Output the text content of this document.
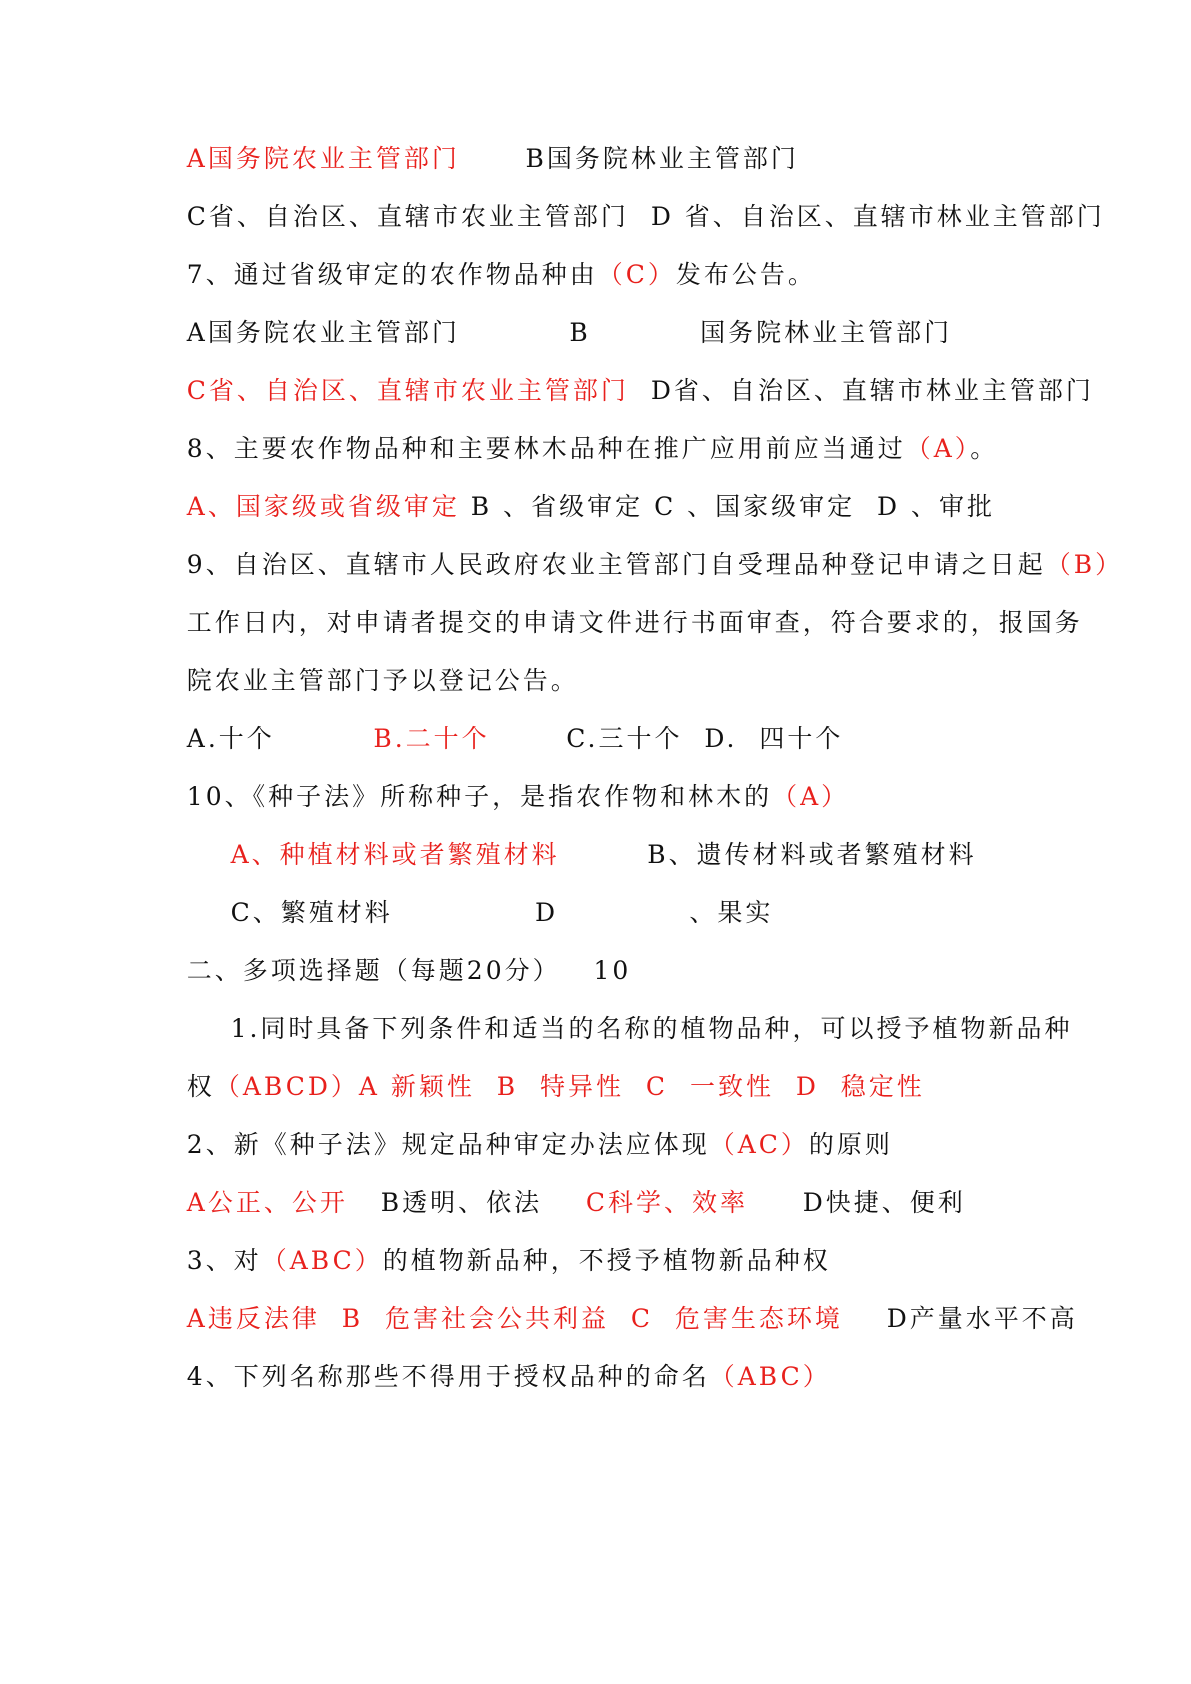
A国务院农业主管部门      B国务院林业主管部门

C省、自治区、直辖市农业主管部门  D 省、自治区、直辖市林业主管部门

7、通过省级审定的农作物品种由（C）发布公告。

A国务院农业主管部门          B          国务院林业主管部门

C省、自治区、直辖市农业主管部门  D省、自治区、直辖市林业主管部门

8、主要农作物品种和主要林木品种在推广应用前应当通过（A）。

A、国家级或省级审定 B 、省级审定 C 、国家级审定  D 、审批

9、自治区、直辖市人民政府农业主管部门自受理品种登记申请之日起（B）

工作日内，对申请者提交的申请文件进行书面审查，符合要求的，报国务

院农业主管部门予以登记公告。

A.十个         B.二十个       C.三十个  D.  四十个

10、《种子法》所称种子，是指农作物和林木的（A）

A、种植材料或者繁殖材料        B、遗传材料或者繁殖材料

C、繁殖材料             D            、果实

二、多项选择题（每题20分）   10

1.同时具备下列条件和适当的名称的植物品种，可以授予植物新品种

权（ABCD）A 新颖性  B  特异性  C  一致性  D  稳定性

2、新《种子法》规定品种审定办法应体现（AC）的原则

A公正、公开   B透明、依法    C科学、效率     D快捷、便利

3、对（ABC）的植物新品种，不授予植物新品种权

A违反法律  B  危害社会公共利益  C  危害生态环境    D产量水平不高

4、下列名称那些不得用于授权品种的命名（ABC）
